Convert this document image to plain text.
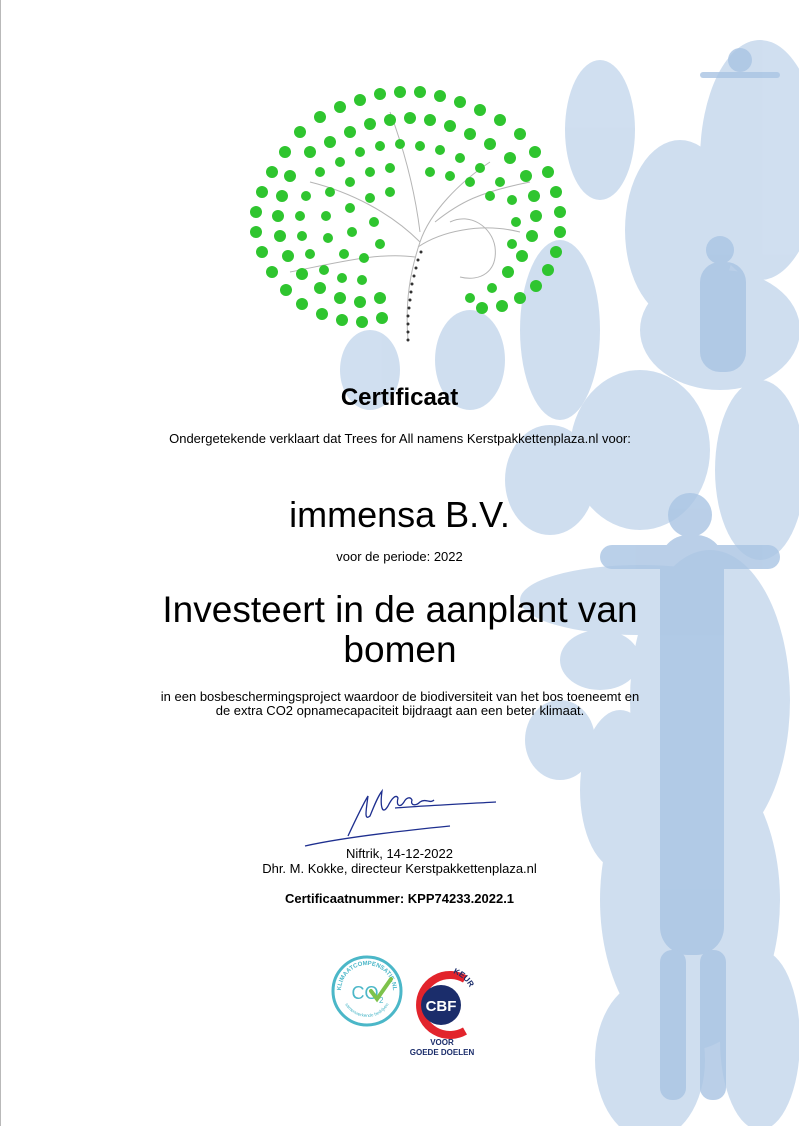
Certificaat
Ondergetekende verklaart dat Trees for All namens Kerstpakkettenplaza.nl voor:
immensa B.V.
voor de periode: 2022
Investeert in de aanplant van bomen
in een bosbeschermingsproject waardoor de biodiversiteit van het bos toeneemt en de extra CO2 opnamecapaciteit bijdraagt aan een beter klimaat.
Niftrik, 14-12-2022
Dhr. M. Kokke, directeur Kerstpakkettenplaza.nl
Certificaatnummer: KPP74233.2022.1
KLIMAATCOMPENSATIE.NL
samenwerkende bedrijven
CO 2	CBF
KEUR
VOOR
GOEDE DOELEN
